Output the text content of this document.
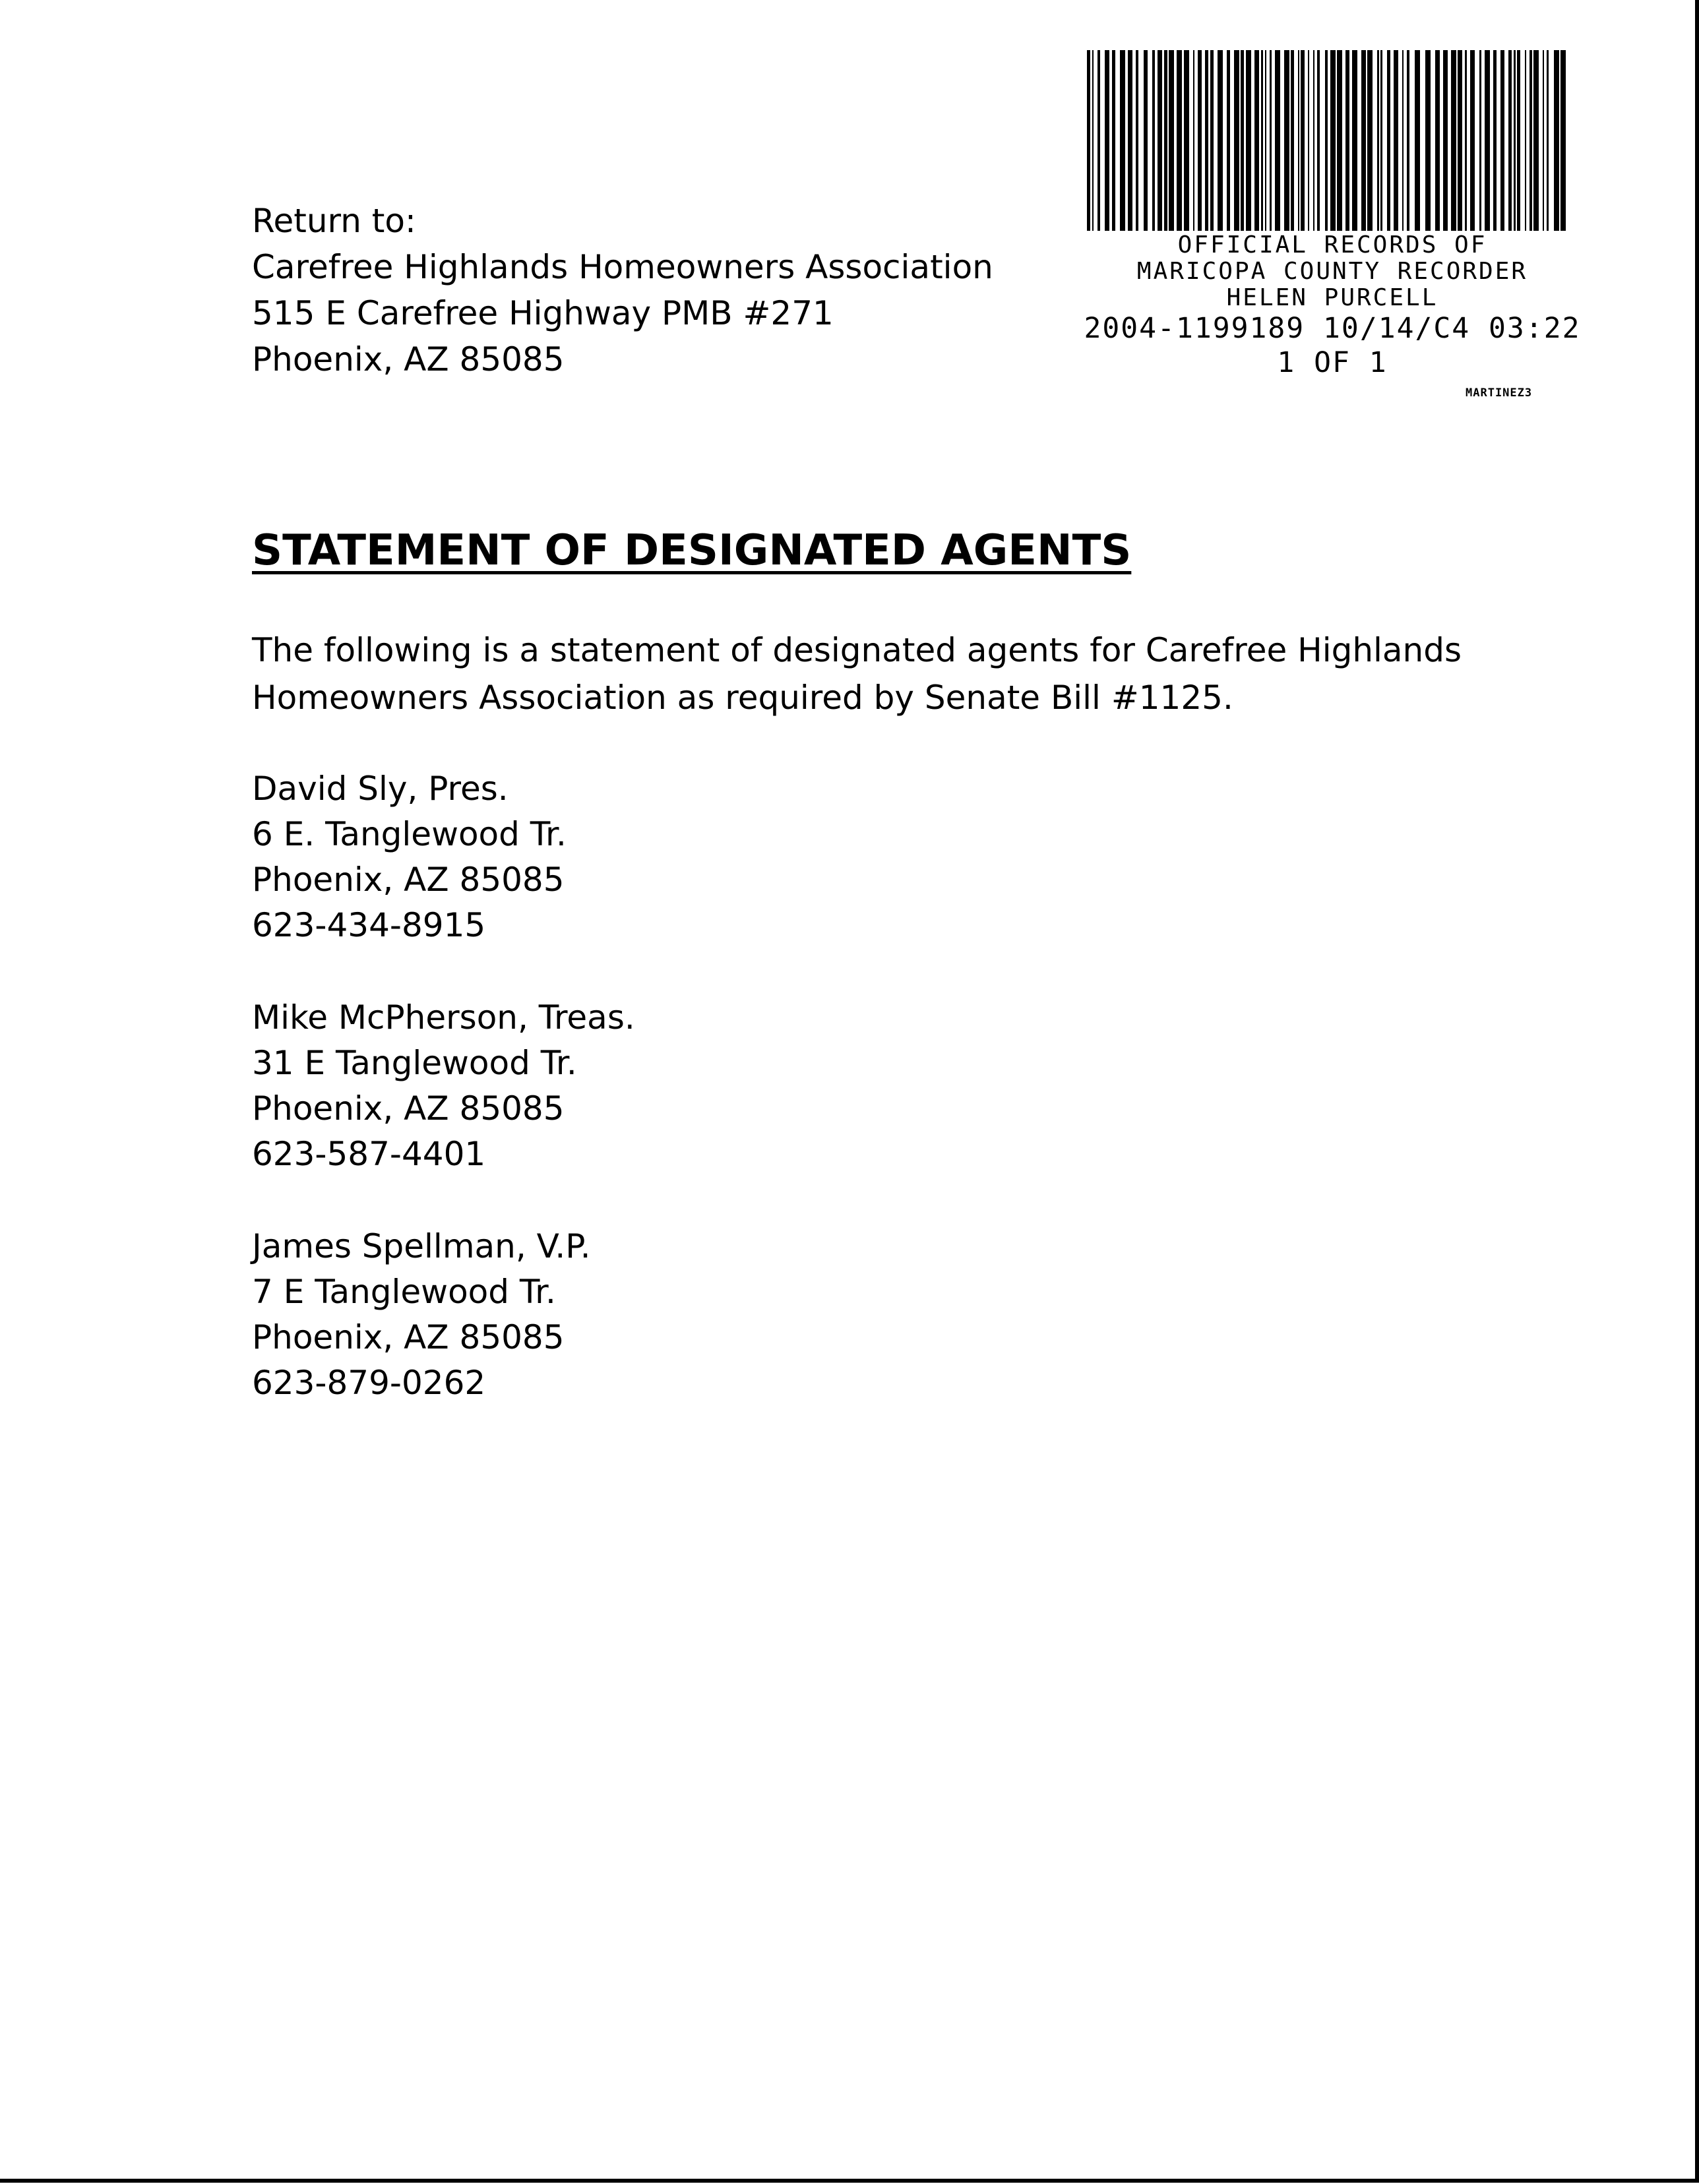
Return to:
Carefree Highlands Homeowners Association
515 E Carefree Highway PMB #271
Phoenix, AZ 85085
OFFICIAL RECORDS OF
MARICOPA COUNTY RECORDER
HELEN PURCELL
2004-1199189 10/14/C4 03:22
1 OF 1
MARTINEZ3
STATEMENT OF DESIGNATED AGENTS
The following is a statement of designated agents for Carefree Highlands
Homeowners Association as required by Senate Bill #1125.
David Sly, Pres.
6 E. Tanglewood Tr.
Phoenix, AZ 85085
623-434-8915
Mike McPherson, Treas.
31 E Tanglewood Tr.
Phoenix, AZ 85085
623-587-4401
James Spellman, V.P.
7 E Tanglewood Tr.
Phoenix, AZ 85085
623-879-0262
